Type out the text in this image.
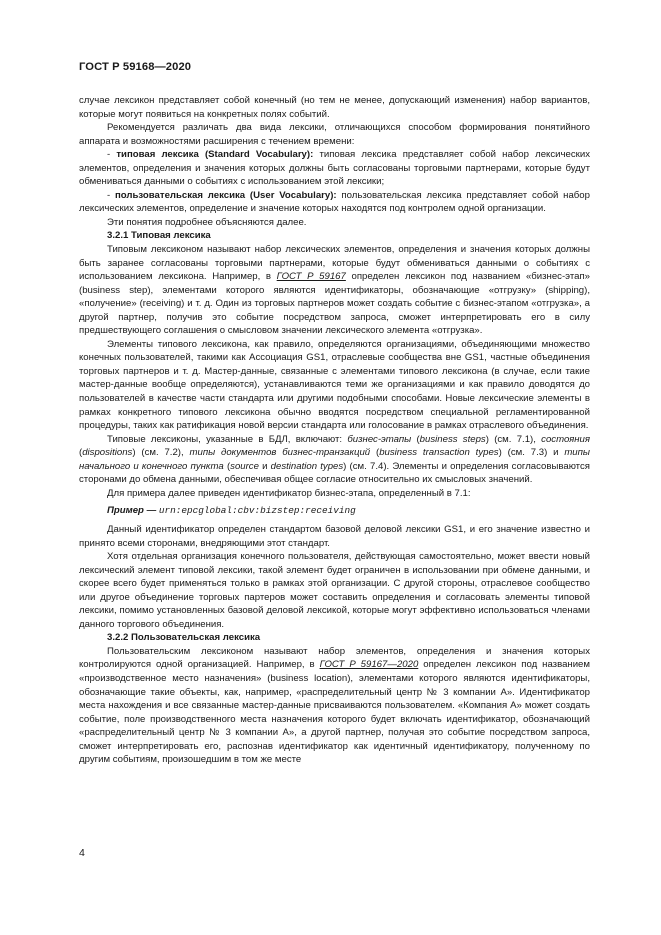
ГОСТ Р 59168—2020

случае лексикон представляет собой конечный (но тем не менее, допускающий изменения) набор вариантов, которые могут появиться на конкретных полях событий.

Рекомендуется различать два вида лексики, отличающихся способом формирования понятийного аппарата и возможностями расширения с течением времени:

- типовая лексика (Standard Vocabulary): типовая лексика представляет собой набор лексических элементов, определения и значения которых должны быть согласованы торговыми партнерами, которые будут обмениваться данными о событиях с использованием этой лексики;

- пользовательская лексика (User Vocabulary): пользовательская лексика представляет собой набор лексических элементов, определение и значение которых находятся под контролем одной организации.

Эти понятия подробнее объясняются далее.

3.2.1 Типовая лексика

Типовым лексиконом называют набор лексических элементов, определения и значения которых должны быть заранее согласованы торговыми партнерами, которые будут обмениваться данными о событиях с использованием лексикона. Например, в ГОСТ Р 59167 определен лексикон под названием «бизнес-этап» (business step), элементами которого являются идентификаторы, обозначающие «отгрузку» (shipping), «получение» (receiving) и т. д. Один из торговых партнеров может создать событие с бизнес-этапом «отгрузка», а другой партнер, получив это событие посредством запроса, сможет интерпретировать его в силу предшествующего соглашения о смысловом значении лексического элемента «отгрузка».

Элементы типового лексикона, как правило, определяются организациями, объединяющими множество конечных пользователей, такими как Ассоциация GS1, отраслевые сообщества вне GS1, частные объединения торговых партнеров и т. д. Мастер-данные, связанные с элементами типового лексикона (в случае, если такие мастер-данные вообще определяются), устанавливаются теми же организациями и как правило доводятся до пользователей в качестве части стандарта или другими подобными способами. Новые лексические элементы в рамках конкретного типового лексикона обычно вводятся посредством специальной регламентированной процедуры, таких как ратификация новой версии стандарта или голосование в рамках отраслевого объединения.

Типовые лексиконы, указанные в БДЛ, включают: бизнес-этапы (business steps) (см. 7.1), состояния (dispositions) (см. 7.2), типы документов бизнес-транзакций (business transaction types) (см. 7.3) и типы начального и конечного пункта (source и destination types) (см. 7.4). Элементы и определения согласовываются сторонами до обмена данными, обеспечивая общее согласие относительно их смысловых значений.

Для примера далее приведен идентификатор бизнес-этапа, определенный в 7.1:

Пример — urn:epcglobal:cbv:bizstep:receiving

Данный идентификатор определен стандартом базовой деловой лексики GS1, и его значение известно и принято всеми сторонами, внедряющими этот стандарт.

Хотя отдельная организация конечного пользователя, действующая самостоятельно, может ввести новый лексический элемент типовой лексики, такой элемент будет ограничен в использовании при обмене данными, и скорее всего будет применяться только в рамках этой организации. С другой стороны, отраслевое сообщество или другое объединение торговых партеров может составить определения и согласовать элементы типовой лексики, помимо установленных базовой деловой лексикой, которые могут эффективно использоваться членами данного торгового объединения.

3.2.2 Пользовательская лексика

Пользовательским лексиконом называют набор элементов, определения и значения которых контролируются одной организацией. Например, в ГОСТ Р 59167—2020 определен лексикон под названием «производственное место назначения» (business location), элементами которого являются идентификаторы, обозначающие такие объекты, как, например, «распределительный центр № 3 компании А». Идентификатор места нахождения и все связанные мастер-данные присваиваются пользователем. «Компания А» может создать событие, поле производственного места назначения которого будет включать идентификатор, обозначающий «распределительный центр № 3 компании А», а другой партнер, получая это событие посредством запроса, сможет интерпретировать его, распознав идентификатор как идентичный идентификатору, полученному по другим событиям, произошедшим в том же месте

4
